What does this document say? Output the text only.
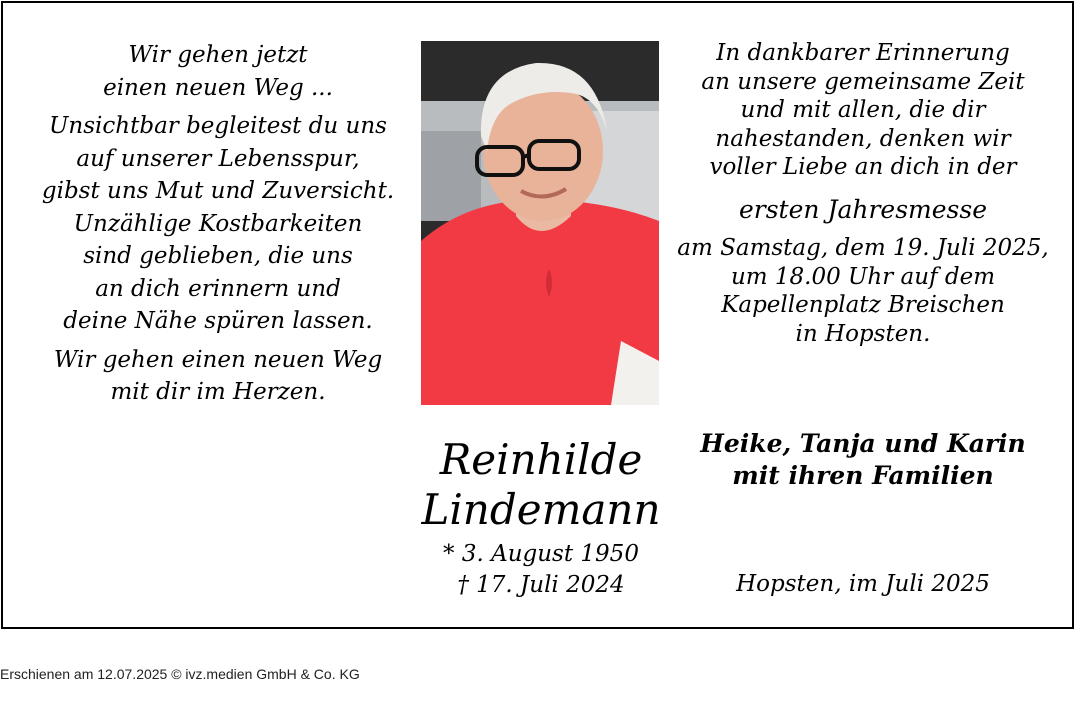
Wir gehen jetzt

einen neuen Weg ...

Unsichtbar begleitest du uns

auf unserer Lebensspur,

gibst uns Mut und Zuversicht.

Unzählige Kostbarkeiten

sind geblieben, die uns

an dich erinnern und

deine Nähe spüren lassen.

Wir gehen einen neuen Weg

mit dir im Herzen.

In dankbarer Erinnerung

an unsere gemeinsame Zeit

und mit allen, die dir

nahestanden, denken wir

voller Liebe an dich in der

ersten Jahresmesse

am Samstag, dem 19. Juli 2025,

um 18.00 Uhr auf dem

Kapellenplatz Breischen

in Hopsten.

Reinhilde
Lindemann
* 3. August 1950
† 17. Juli 2024
Heike, Tanja und Karin
mit ihren Familien
Hopsten, im Juli 2025
Erschienen am 12.07.2025 © ivz.medien GmbH & Co. KG
